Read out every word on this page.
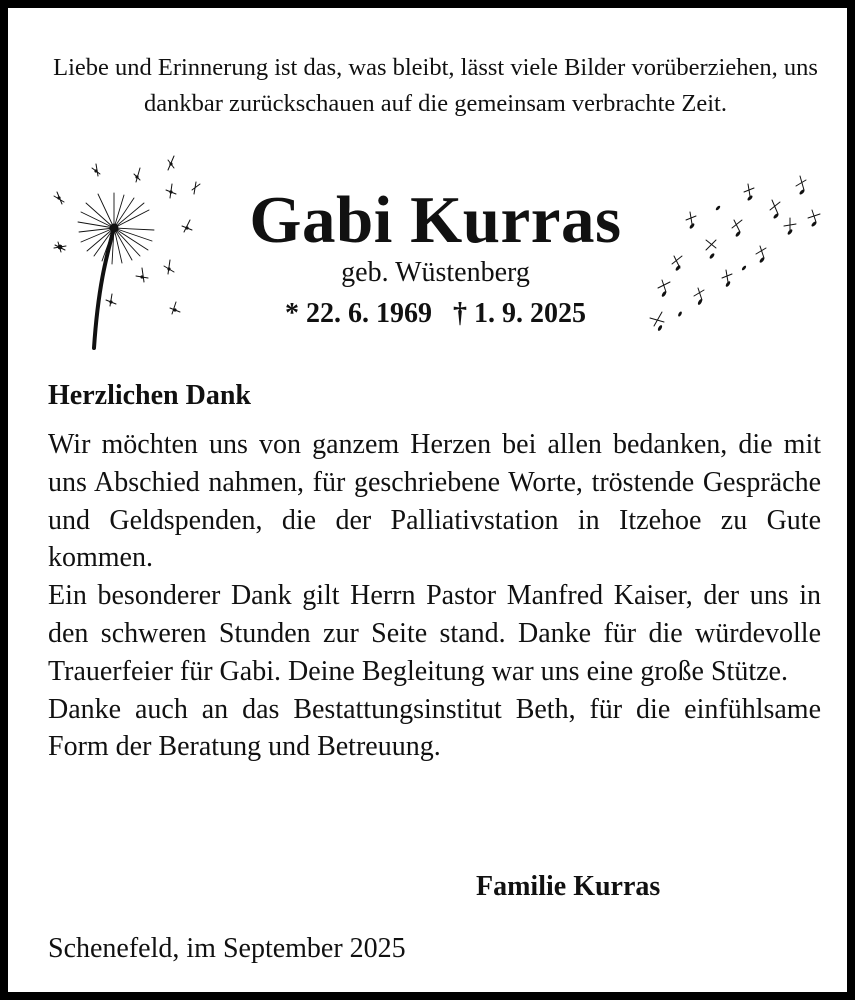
Liebe und Erinnerung ist das, was bleibt, lässt viele Bilder vorüberziehen, uns dankbar zurückschauen auf die gemeinsam verbrachte Zeit.
Gabi Kurras
geb. Wüstenberg
* 22. 6. 1969 † 1. 9. 2025
Herzlichen Dank

Wir möchten uns von ganzem Herzen bei allen bedanken, die mit uns Abschied nahmen, für geschriebene Worte, tröstende Gespräche und Geldspenden, die der Palliativstation in Itzehoe zu Gute kommen.

Ein besonderer Dank gilt Herrn Pastor Manfred Kaiser, der uns in den schweren Stunden zur Seite stand. Danke für die würdevolle Trauerfeier für Gabi. Deine Begleitung war uns eine große Stütze.

Danke auch an das Bestattungsinstitut Beth, für die einfühlsame Form der Beratung und Betreuung.

Familie Kurras
Schenefeld, im September 2025
